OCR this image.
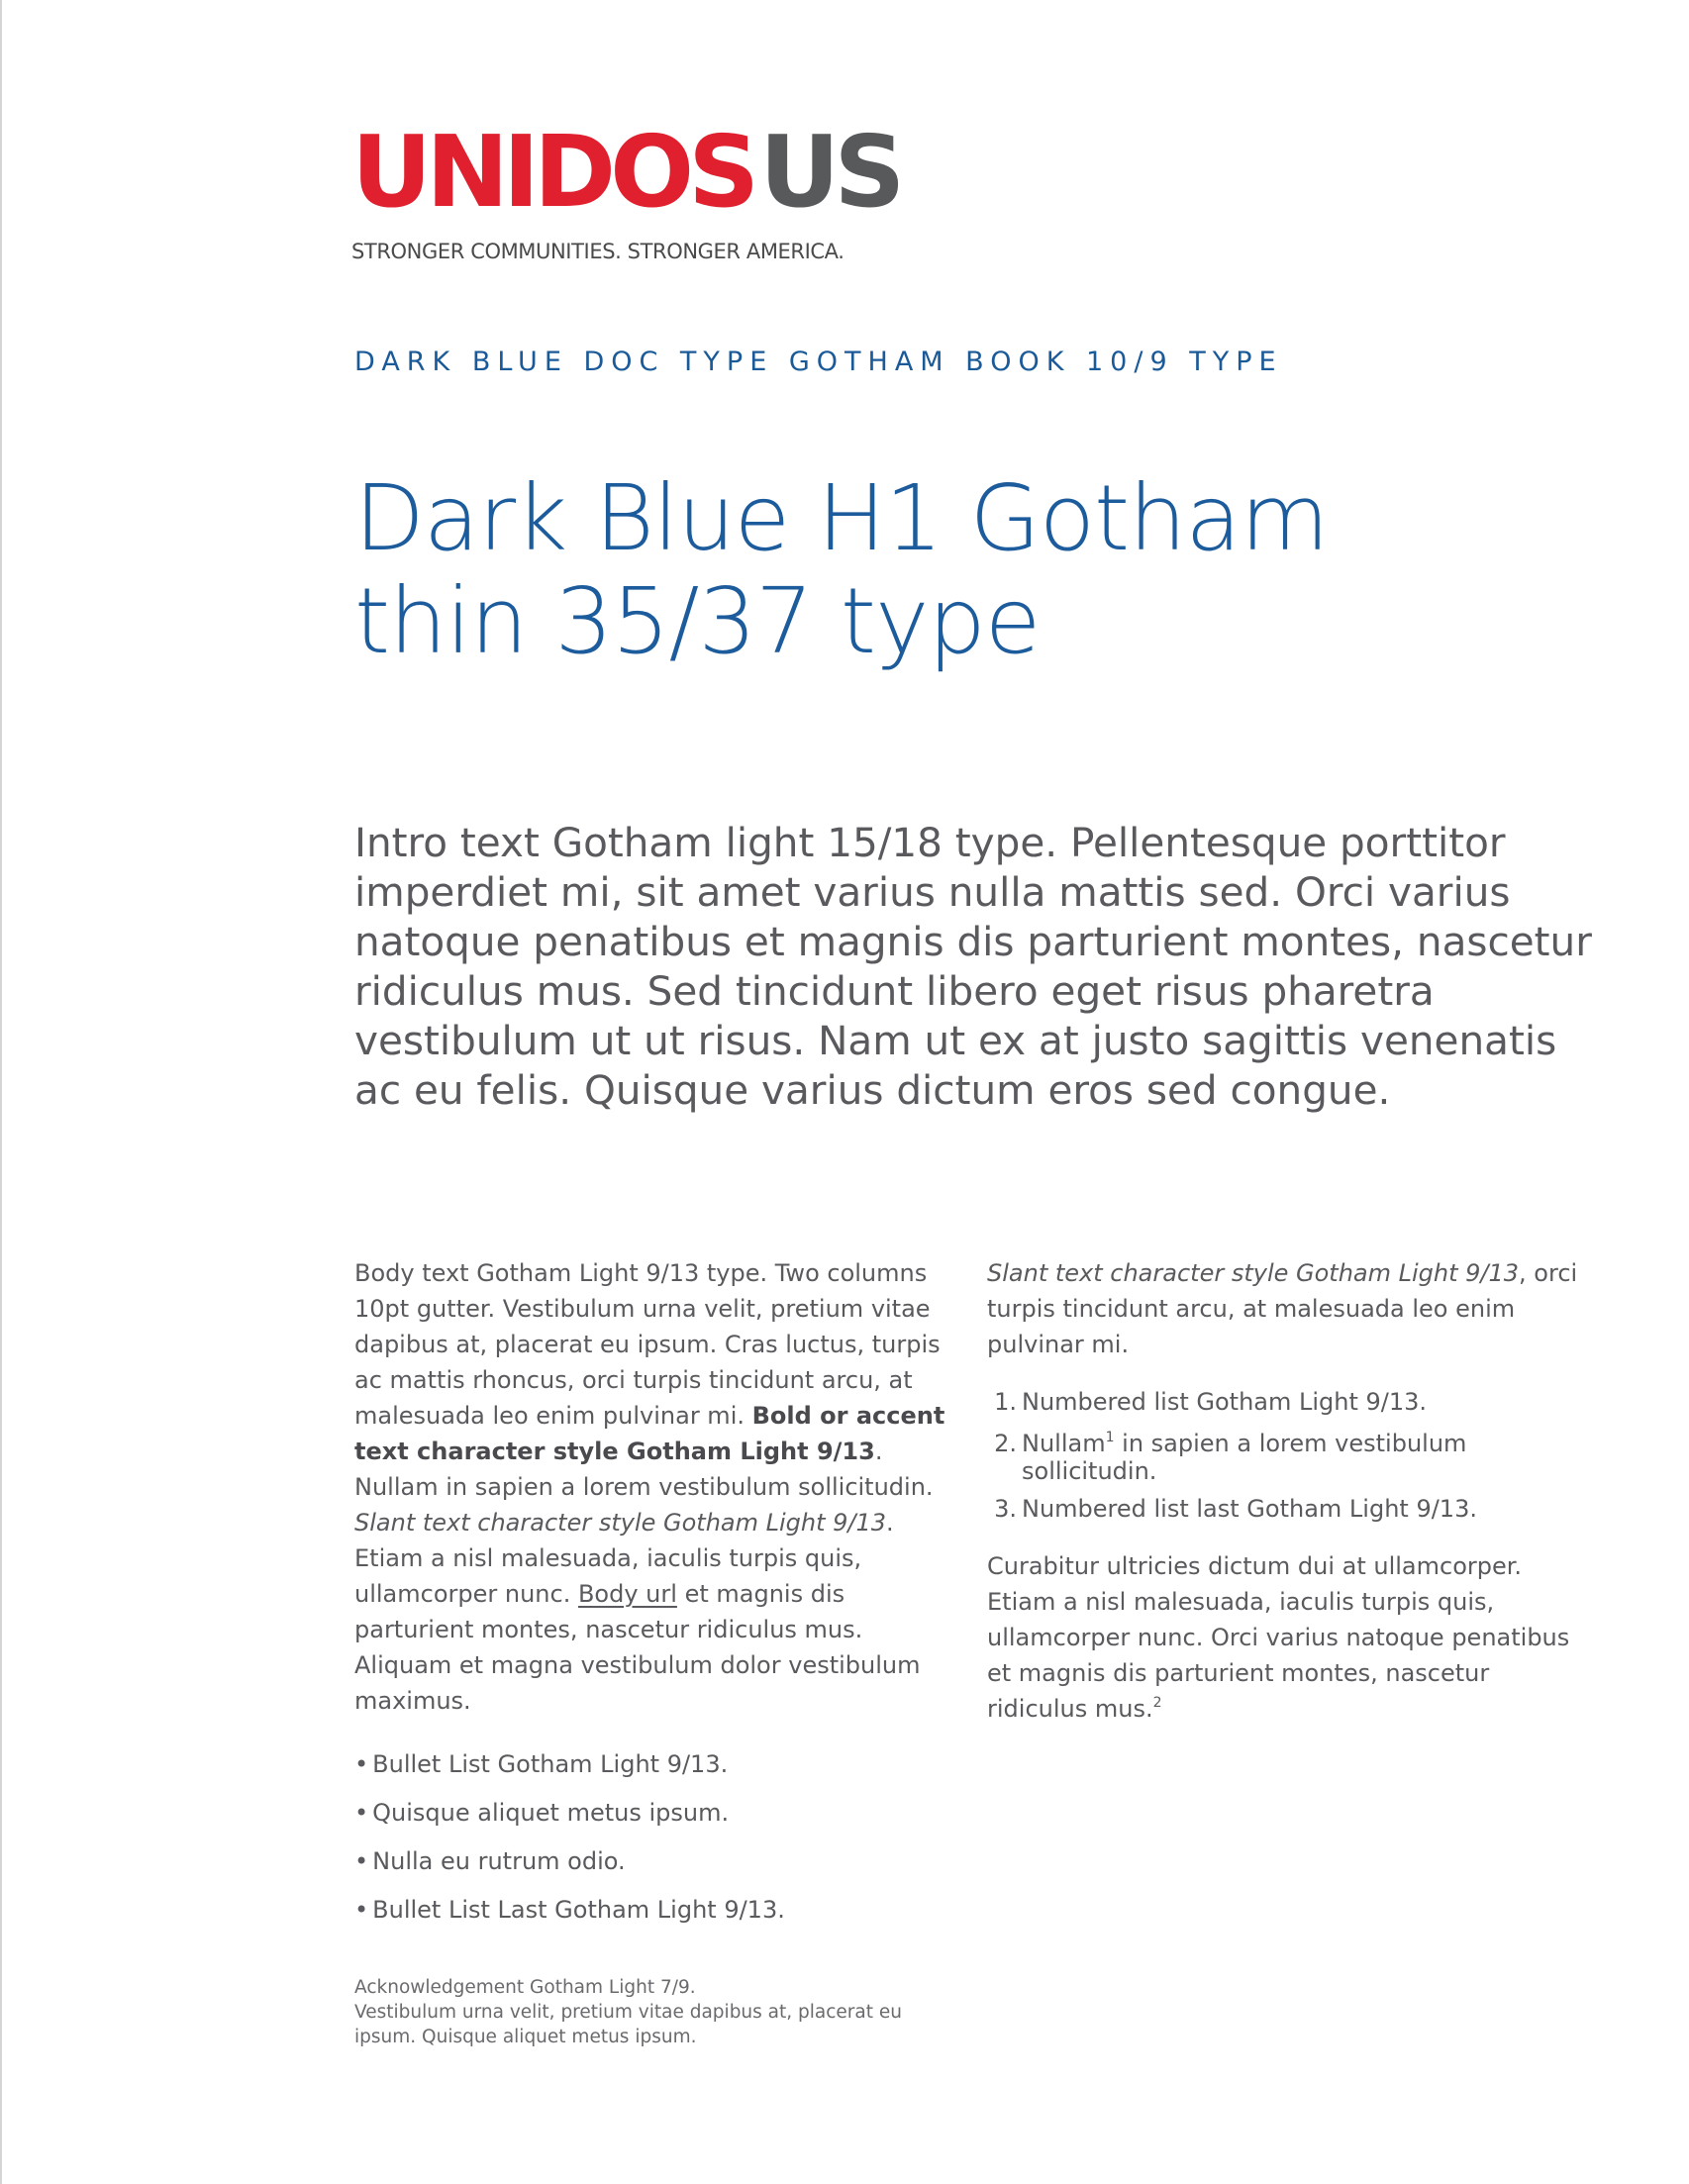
UNIDOS US
STRONGER COMMUNITIES. STRONGER AMERICA.
DARK BLUE DOC TYPE GOTHAM BOOK 10/9 TYPE
Dark Blue H1 Gotham
thin 35/37 type
Intro text Gotham light 15/18 type. Pellentesque porttitor imperdiet mi, sit amet varius nulla mattis sed. Orci varius natoque penatibus et magnis dis parturient montes, nascetur ridiculus mus. Sed tincidunt libero eget risus pharetra vestibulum ut ut risus. Nam ut ex at justo sagittis venenatis ac eu felis. Quisque varius dictum eros sed congue.

Body text Gotham Light 9/13 type. Two columns 10pt gutter. Vestibulum urna velit, pretium vitae dapibus at, placerat eu ipsum. Cras luctus, turpis ac mattis rhoncus, orci turpis tincidunt arcu, at malesuada leo enim pulvinar mi. Bold or accent text character style Gotham Light 9/13. Nullam in sapien a lorem vestibulum sollicitudin. Slant text character style Gotham Light 9/13. Etiam a nisl malesuada, iaculis turpis quis, ullamcorper nunc. Body url et magnis dis parturient montes, nascetur ridiculus mus. Aliquam et magna vestibulum dolor vestibulum maximus.

• Bullet List Gotham Light 9/13.
• Quisque aliquet metus ipsum.
• Nulla eu rutrum odio.
• Bullet List Last Gotham Light 9/13.

Slant text character style Gotham Light 9/13, orci turpis tincidunt arcu, at malesuada leo enim pulvinar mi.

1. Numbered list Gotham Light 9/13.
2. Nullam$^1$ in sapien a lorem vestibulum sollicitudin.
3. Numbered list last Gotham Light 9/13.

Curabitur ultricies dictum dui at ullamcorper. Etiam a nisl malesuada, iaculis turpis quis, ullamcorper nunc. Orci varius natoque penatibus et magnis dis parturient montes, nascetur ridiculus mus.$^2$

Acknowledgement Gotham Light 7/9.

Vestibulum urna velit, pretium vitae dapibus at, placerat eu ipsum. Quisque aliquet metus ipsum.
